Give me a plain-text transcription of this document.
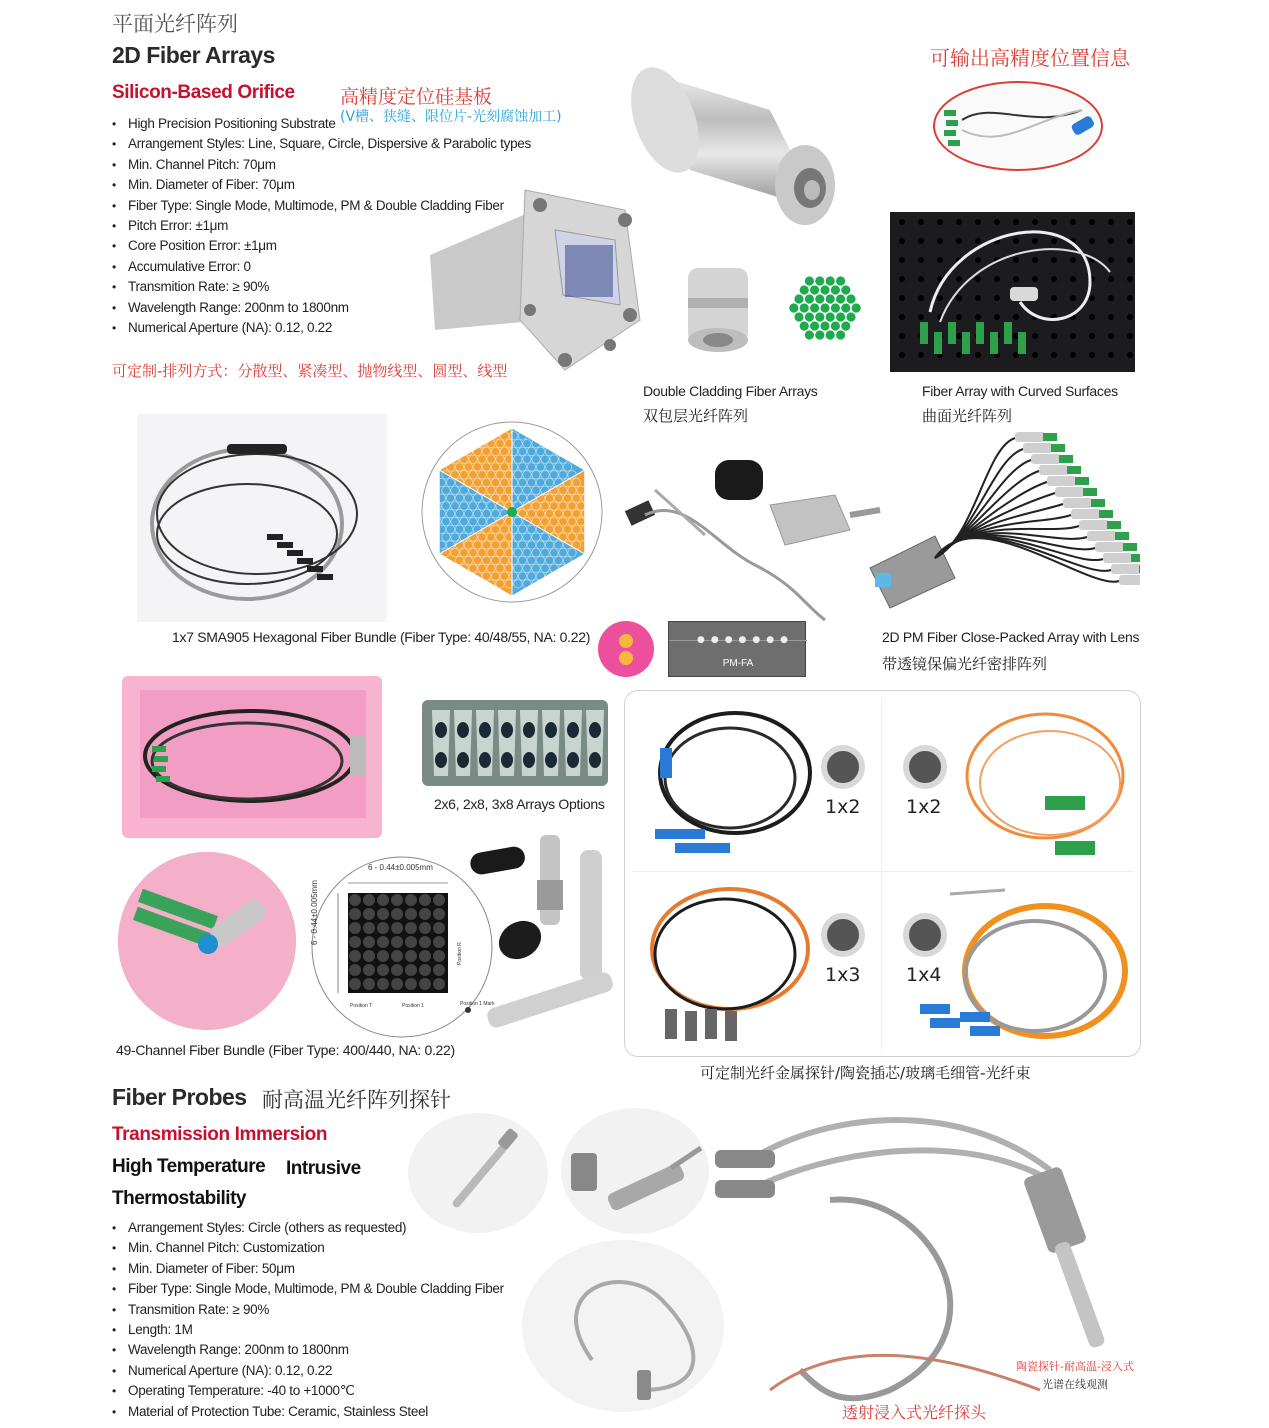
平面光纤阵列
2D Fiber Arrays
Silicon-Based Orifice 高精度定位硅基板
(V槽、狭缝、限位片-光刻腐蚀加工)
可输出高精度位置信息
• High Precision Positioning Substrate
• Arrangement Styles: Line, Square, Circle, Dispersive & Parabolic types
• Min. Channel Pitch: 70μm
• Min. Diameter of Fiber: 70μm
• Fiber Type: Single Mode, Multimode, PM & Double Cladding Fiber
• Pitch Error: ±1μm
• Core Position Error: ±1μm
• Accumulative Error: 0
• Transmition Rate: ≥ 90%
• Wavelength Range: 200nm to 1800nm
• Numerical Aperture (NA): 0.12, 0.22
可定制-排列方式：分散型、紧凑型、抛物线型、圆型、线型
Double Cladding Fiber Arrays
双包层光纤阵列
Fiber Array with Curved Surfaces
曲面光纤阵列
1x7 SMA905 Hexagonal Fiber Bundle (Fiber Type: 40/48/55, NA: 0.22)	2D PM Fiber Close-Packed Array with Lens
带透镜保偏光纤密排阵列
●●●●●●●
PM-FA
2x6, 2x8, 3x8 Arrays Options	1x2 1x2
1x3 1x4
可定制光纤金属探针/陶瓷插芯/玻璃毛细管-光纤束
6 - 0.44±0.005mm
6 - 0.44±0.005mm
Position T	Position 1	Position 1 Mark
Position R
49-Channel Fiber Bundle (Fiber Type: 400/440, NA: 0.22)
Fiber Probes 耐高温光纤阵列探针
Transmission Immersion
High Temperature Intrusive
Thermostability
• Arrangement Styles: Circle (others as requested)
• Min. Channel Pitch: Customization
• Min. Diameter of Fiber: 50μm
• Fiber Type: Single Mode, Multimode, PM & Double Cladding Fiber
• Transmition Rate: ≥ 90%
• Length: 1M
• Wavelength Range: 200nm to 1800nm
• Numerical Aperture (NA): 0.12, 0.22
• Operating Temperature: -40 to +1000℃
• Material of Protection Tube: Ceramic, Stainless Steel
陶瓷探针-耐高温-浸入式
光谱在线观测
透射浸入式光纤探头
